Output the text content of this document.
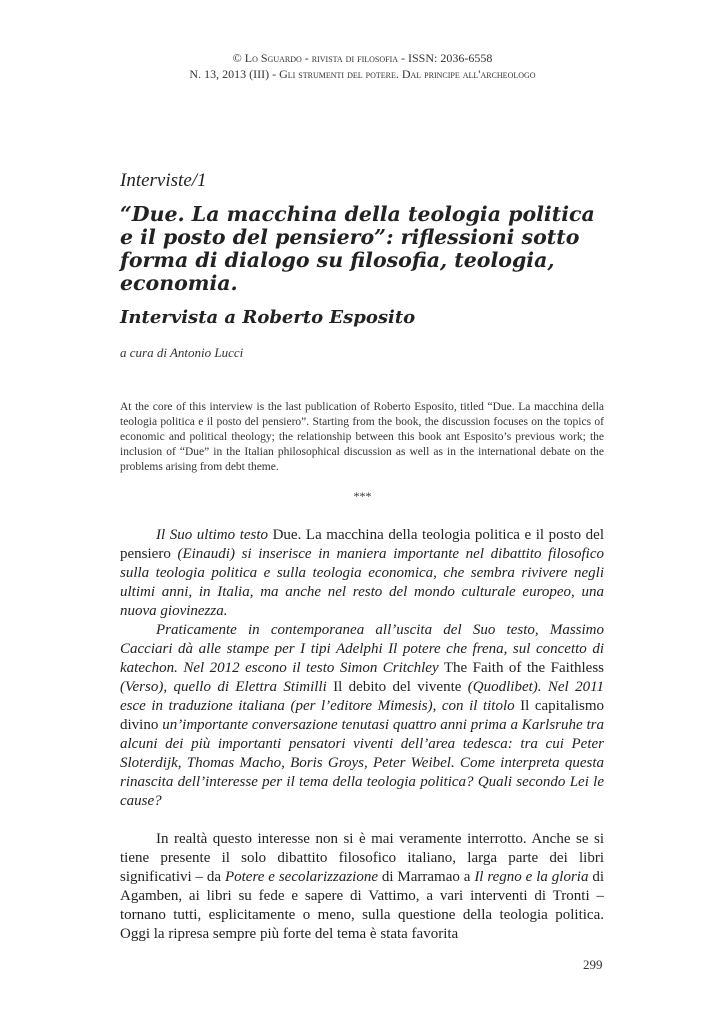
© Lo Sguardo - rivista di filosofia - ISSN: 2036-6558
N. 13, 2013 (III) - Gli strumenti del potere. Dal principe all'archeologo
Interviste/1
“Due. La macchina della teologia politica e il posto del pensiero”: riflessioni sotto forma di dialogo su filosofia, teologia, economia.
Intervista a Roberto Esposito
a cura di Antonio Lucci

At the core of this interview is the last publication of Roberto Esposito, titled “Due. La macchina della teologia politica e il posto del pensiero”. Starting from the book, the discussion focuses on the topics of economic and political theology; the relationship between this book ant Esposito’s previous work; the inclusion of “Due” in the Italian philosophical discussion as well as in the international debate on the problems arising from debt theme.

***

Il Suo ultimo testo Due. La macchina della teologia politica e il posto del pensiero (Einaudi) si inserisce in maniera importante nel dibattito filosofico sulla teologia politica e sulla teologia economica, che sembra rivivere negli ultimi anni, in Italia, ma anche nel resto del mondo culturale europeo, una nuova giovinezza.

Praticamente in contemporanea all’uscita del Suo testo, Massimo Cacciari dà alle stampe per I tipi Adelphi Il potere che frena, sul concetto di katechon. Nel 2012 escono il testo Simon Critchley The Faith of the Faithless (Verso), quello di Elettra Stimilli Il debito del vivente (Quodlibet). Nel 2011 esce in traduzione italiana (per l’editore Mimesis), con il titolo Il capitalismo divino un’importante conversazione tenutasi quattro anni prima a Karlsruhe tra alcuni dei più importanti pensatori viventi dell’area tedesca: tra cui Peter Sloterdijk, Thomas Macho, Boris Groys, Peter Weibel. Come interpreta questa rinascita dell’interesse per il tema della teologia politica? Quali secondo Lei le cause?

In realtà questo interesse non si è mai veramente interrotto. Anche se si tiene presente il solo dibattito filosofico italiano, larga parte dei libri significativi – da Potere e secolarizzazione di Marramao a Il regno e la gloria di Agamben, ai libri su fede e sapere di Vattimo, a vari interventi di Tronti – tornano tutti, esplicitamente o meno, sulla questione della teologia politica. Oggi la ripresa sempre più forte del tema è stata favorita

299
